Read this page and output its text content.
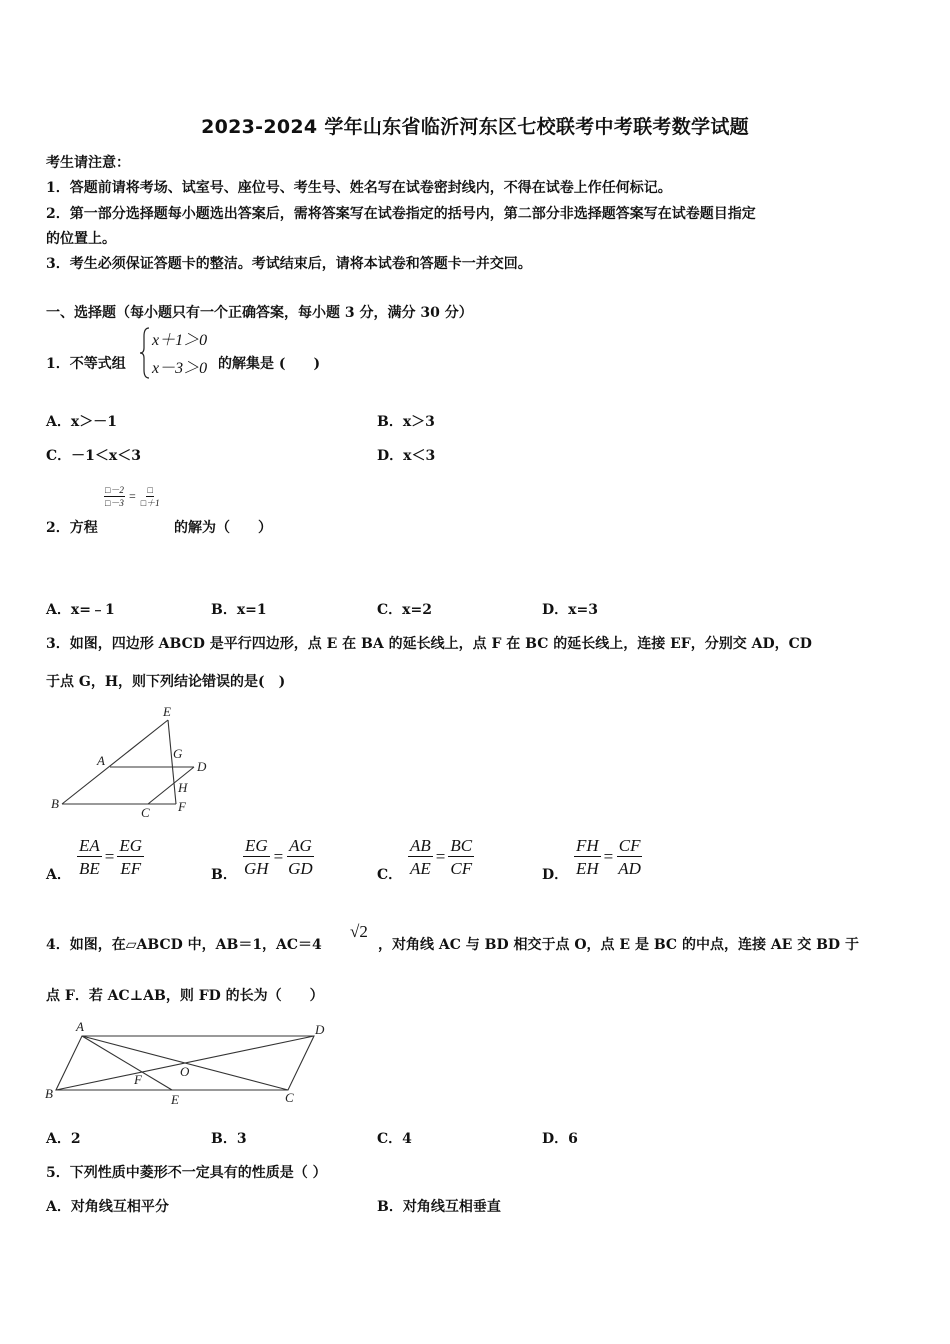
2023-2024 学年山东省临沂河东区七校联考中考联考数学试题
考生请注意：
1．答题前请将考场、试室号、座位号、考生号、姓名写在试卷密封线内，不得在试卷上作任何标记。
2．第一部分选择题每小题选出答案后，需将答案写在试卷指定的括号内，第二部分非选择题答案写在试卷题目指定
的位置上。
3．考生必须保证答题卡的整洁。考试结束后，请将本试卷和答题卡一并交回。
一、选择题（每小题只有一个正确答案，每小题 3 分，满分 30 分）
1．不等式组
x＋1＞0
x－3＞0 的解集是 (　　)
A．x＞－1	B．x＞3
C．－1＜x＜3	D．x＜3
$\frac{□-2}{□-3}$ = □
□＋1
2．方程	的解为（　　）
A．x=﹣1	B．x=1	C．x=2	D．x=3
3．如图，四边形 ABCD 是平行四边形，点 E 在 BA 的延长线上，点 F 在 BC 的延长线上，连接 EF，分别交 AD，CD
于点 G，H，则下列结论错误的是(　)
E
A	G
D
H
B
C F
A． $\frac{EA}{BE} = \frac{EG}{EF}$	B． $\frac{EG}{GH} = \frac{AG}{GD}$	C． $\frac{AB}{AE} = \frac{BC}{CF}$	D． $\frac{FH}{EH} = \frac{CF}{AD}$
4．如图，在▱ABCD 中，AB＝1，AC＝4
√2
，对角线 AC 与 BD 相交于点 O，点 E 是 BC 的中点，连接 AE 交 BD 于
点 F．若 AC⊥AB，则 FD 的长为（　　）
A	D
F
O
B	E	C
A．2	B．3	C．4	D．6
5．下列性质中菱形不一定具有的性质是（ ）
A．对角线互相平分	B．对角线互相垂直
